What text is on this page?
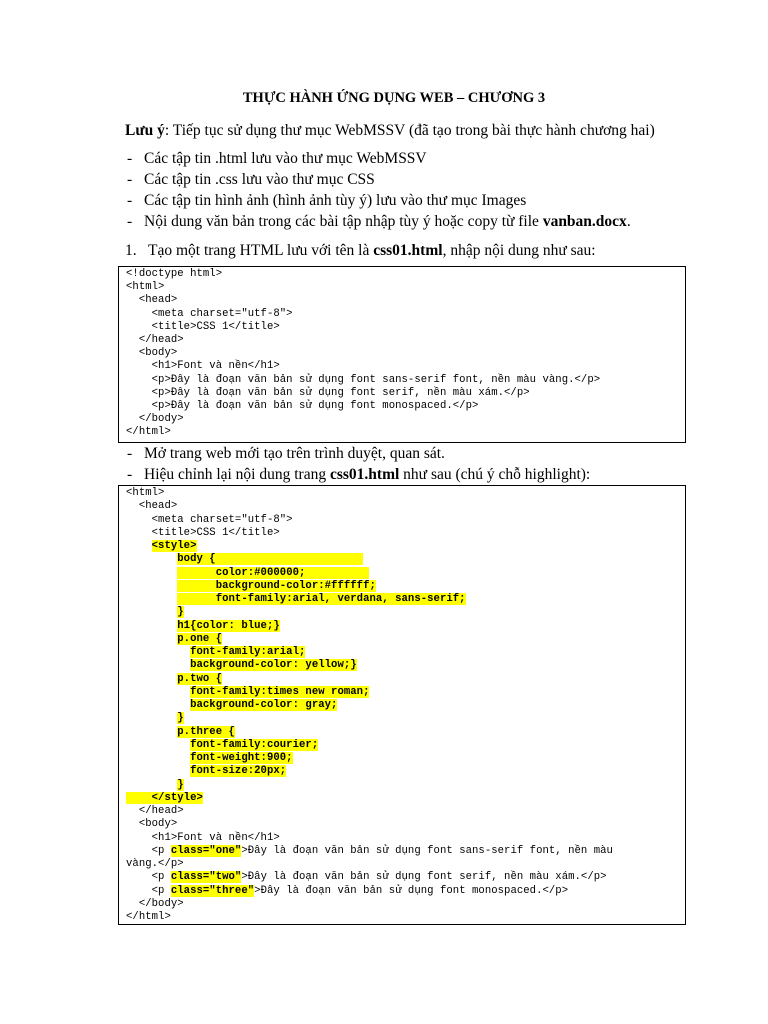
THỰC HÀNH ỨNG DỤNG WEB – CHƯƠNG 3
Lưu ý: Tiếp tục sử dụng thư mục WebMSSV (đã tạo trong bài thực hành chương hai)
- Các tập tin .html lưu vào thư mục WebMSSV
- Các tập tin .css lưu vào thư mục CSS
- Các tập tin hình ảnh (hình ảnh tùy ý) lưu vào thư mục Images
- Nội dung văn bản trong các bài tập nhập tùy ý hoặc copy từ file vanban.docx.
1. Tạo một trang HTML lưu với tên là css01.html, nhập nội dung như sau:
<!doctype html>
<html>
<head>
<meta charset="utf-8">
<title>CSS 1</title>
</head>
<body>
<h1>Font và nền</h1>
<p>Đây là đoạn văn bản sử dụng font sans-serif font, nền màu vàng.</p>
<p>Đây là đoạn văn bản sử dụng font serif, nền màu xám.</p>
<p>Đây là đoạn văn bản sử dụng font monospaced.</p>
</body>
</html>
- Mở trang web mới tạo trên trình duyệt, quan sát.
- Hiệu chỉnh lại nội dung trang css01.html như sau (chú ý chỗ highlight):
<html>
<head>
<meta charset="utf-8">
<title>CSS 1</title>
<style>
body {
color:#000000;
background-color:#ffffff;
font-family:arial, verdana, sans-serif;
}
h1{color: blue;}
p.one {
font-family:arial;
background-color: yellow;}
p.two {
font-family:times new roman;
background-color: gray;
}
p.three {
font-family:courier;
font-weight:900;
font-size:20px;
}
</style>
</head>
<body>
<h1>Font và nền</h1>
<p class="one">Đây là đoạn văn bản sử dụng font sans-serif font, nền màu
vàng.</p>
<p class="two">Đây là đoạn văn bản sử dụng font serif, nền màu xám.</p>
<p class="three">Đây là đoạn văn bản sử dụng font monospaced.</p>
</body>
</html>
